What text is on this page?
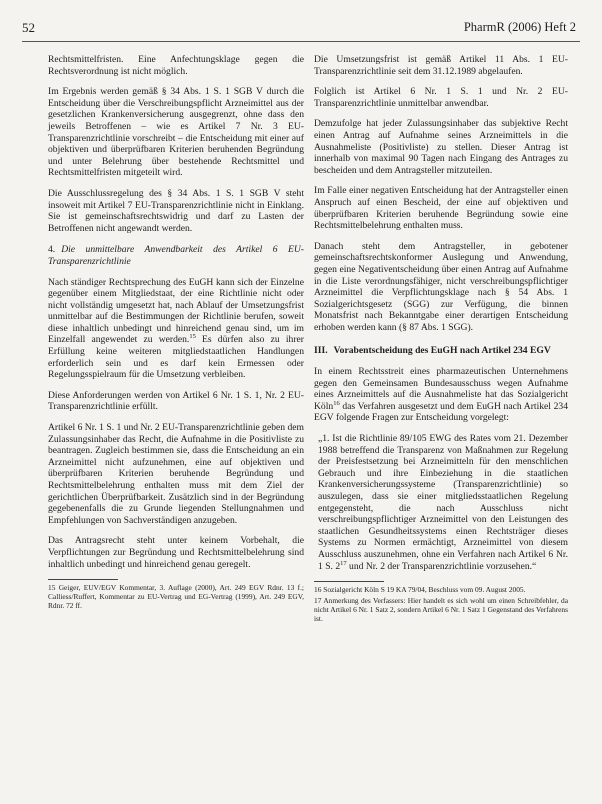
52	PharmR (2006) Heft 2

Rechtsmittelfristen. Eine Anfechtungsklage gegen die Rechtsverordnung ist nicht möglich.

Im Ergebnis werden gemäß § 34 Abs. 1 S. 1 SGB V durch die Entscheidung über die Verschreibungspflicht Arzneimittel aus der gesetzlichen Krankenversicherung ausgegrenzt, ohne dass den jeweils Betroffenen – wie es Artikel 7 Nr. 3 EU-Transparenzrichtlinie vorschreibt – die Entscheidung mit einer auf objektiven und überprüfbaren Kriterien beruhenden Begründung und unter Belehrung über bestehende Rechtsmittel und Rechtsmittelfristen mitgeteilt wird.

Die Ausschlussregelung des § 34 Abs. 1 S. 1 SGB V steht insoweit mit Artikel 7 EU-Transparenzrichtlinie nicht in Einklang. Sie ist gemeinschaftsrechtswidrig und darf zu Lasten der Betroffenen nicht angewandt werden.

4. Die unmittelbare Anwendbarkeit des Artikel 6 EU-Transparenzrichtlinie

Nach ständiger Rechtsprechung des EuGH kann sich der Einzelne gegenüber einem Mitgliedstaat, der eine Richtlinie nicht oder nicht vollständig umgesetzt hat, nach Ablauf der Umsetzungsfrist unmittelbar auf die Bestimmungen der Richtlinie berufen, soweit diese inhaltlich unbedingt und hinreichend genau sind, um im Einzelfall angewendet zu werden.$^{15}$ Es dürfen also zu ihrer Erfüllung keine weiteren mitgliedstaatlichen Handlungen erforderlich sein und es darf kein Ermessen oder Regelungsspielraum für die Umsetzung verbleiben.

Diese Anforderungen werden von Artikel 6 Nr. 1 S. 1, Nr. 2 EU-Transparenzrichtlinie erfüllt.

Artikel 6 Nr. 1 S. 1 und Nr. 2 EU-Transparenzrichtlinie geben dem Zulassungsinhaber das Recht, die Aufnahme in die Positivliste zu beantragen. Zugleich bestimmen sie, dass die Entscheidung an ein Arzneimittel nicht aufzunehmen, eine auf objektiven und überprüfbaren Kriterien beruhende Begründung und Rechtsmittelbelehrung enthalten muss mit dem Ziel der gerichtlichen Überprüfbarkeit. Zusätzlich sind in der Begründung gegebenenfalls die zu Grunde liegenden Stellungnahmen und Empfehlungen von Sachverständigen anzugeben.

Das Antragsrecht steht unter keinem Vorbehalt, die Verpflichtungen zur Begründung und Rechtsmittelbelehrung sind inhaltlich unbedingt und hinreichend genau geregelt.

15 Geiger, EUV/EGV Kommentar, 3. Auflage (2000), Art. 249 EGV Rdnr. 13 f.; Calliess/Ruffert, Kommentar zu EU-Vertrag und EG-Vertrag (1999), Art. 249 EGV, Rdnr. 72 ff.

Die Umsetzungsfrist ist gemäß Artikel 11 Abs. 1 EU-Transparenzrichtlinie seit dem 31.12.1989 abgelaufen.

Folglich ist Artikel 6 Nr. 1 S. 1 und Nr. 2 EU-Transparenzrichtlinie unmittelbar anwendbar.

Demzufolge hat jeder Zulassungsinhaber das subjektive Recht einen Antrag auf Aufnahme seines Arzneimittels in die Ausnahmeliste (Positivliste) zu stellen. Dieser Antrag ist innerhalb von maximal 90 Tagen nach Eingang des Antrages zu bescheiden und dem Antragsteller mitzuteilen.

Im Falle einer negativen Entscheidung hat der Antragsteller einen Anspruch auf einen Bescheid, der eine auf objektiven und überprüfbaren Kriterien beruhende Begründung sowie eine Rechtsmittelbelehrung enthalten muss.

Danach steht dem Antragsteller, in gebotener gemeinschaftsrechtskonformer Auslegung und Anwendung, gegen eine Negativentscheidung über einen Antrag auf Aufnahme in die Liste verordnungsfähiger, nicht verschreibungspflichtiger Arzneimittel die Verpflichtungsklage nach § 54 Abs. 1 Sozialgerichtsgesetz (SGG) zur Verfügung, die binnen Monatsfrist nach Bekanntgabe einer derartigen Entscheidung erhoben werden kann (§ 87 Abs. 1 SGG).

III. Vorabentscheidung des EuGH nach Artikel 234 EGV

In einem Rechtsstreit eines pharmazeutischen Unternehmens gegen den Gemeinsamen Bundesausschuss wegen Aufnahme eines Arzneimittels auf die Ausnahmeliste hat das Sozialgericht Köln$^{16}$ das Verfahren ausgesetzt und dem EuGH nach Artikel 234 EGV folgende Fragen zur Entscheidung vorgelegt:

„1. Ist die Richtlinie 89/105 EWG des Rates vom 21. Dezember 1988 betreffend die Transparenz von Maßnahmen zur Regelung der Preisfestsetzung bei Arzneimitteln für den menschlichen Gebrauch und ihre Einbeziehung in die staatlichen Krankenversicherungssysteme (Transparenzrichtlinie) so auszulegen, dass sie einer mitgliedsstaatlichen Regelung entgegensteht, die nach Ausschluss nicht verschreibungspflichtiger Arzneimittel von den Leistungen des staatlichen Gesundheitssystems einen Rechtsträger dieses Systems zu Normen ermächtigt, Arzneimittel von diesem Ausschluss auszunehmen, ohne ein Verfahren nach Artikel 6 Nr. 1 S. $2^{17}$ und Nr. 2 der Transparenzrichtlinie vorzusehen.“

16 Sozialgericht Köln S 19 KA 79/04, Beschluss vom 09. August 2005.

17 Anmerkung des Verfassers: Hier handelt es sich wohl um einen Schreibfehler, da nicht Artikel 6 Nr. 1 Satz 2, sondern Artikel 6 Nr. 1 Satz 1 Gegenstand des Verfahrens ist.
